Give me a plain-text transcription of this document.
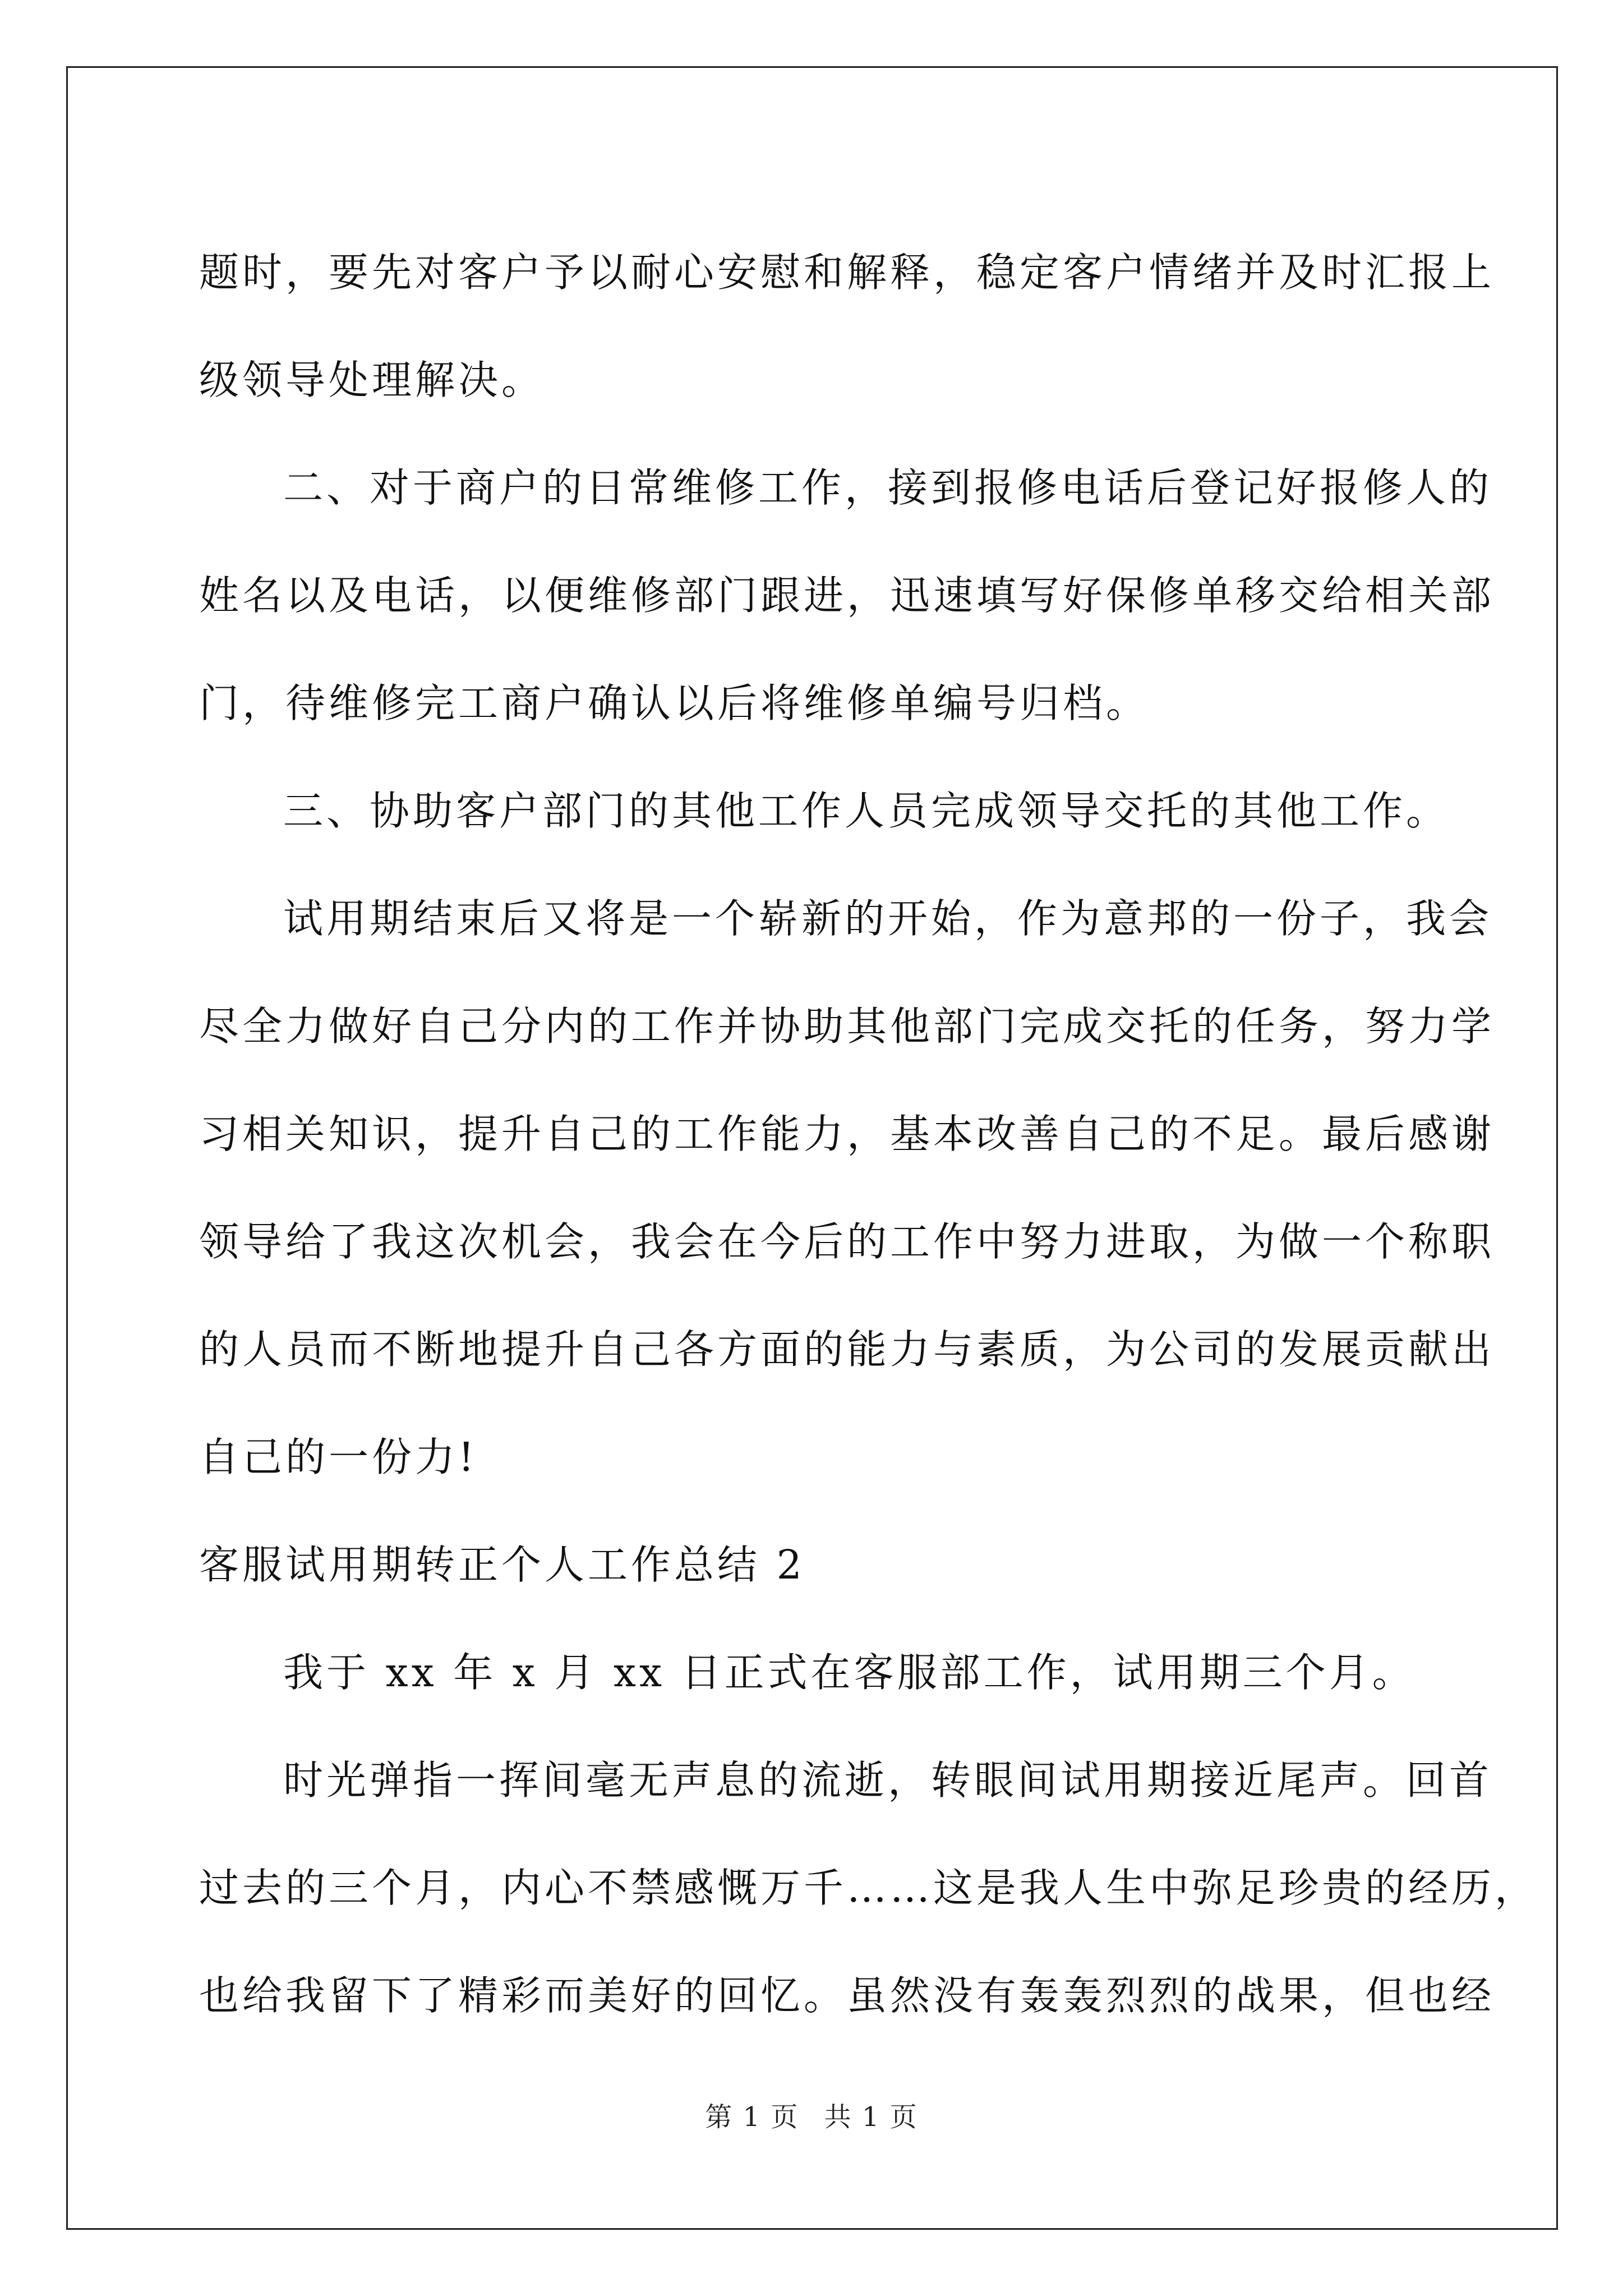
题时，要先对客户予以耐心安慰和解释，稳定客户情绪并及时汇报上
级领导处理解决。
二、对于商户的日常维修工作，接到报修电话后登记好报修人的
姓名以及电话，以便维修部门跟进，迅速填写好保修单移交给相关部
门，待维修完工商户确认以后将维修单编号归档。
三、协助客户部门的其他工作人员完成领导交托的其他工作。
试用期结束后又将是一个崭新的开始，作为意邦的一份子，我会
尽全力做好自己分内的工作并协助其他部门完成交托的任务，努力学
习相关知识，提升自己的工作能力，基本改善自己的不足。最后感谢
领导给了我这次机会，我会在今后的工作中努力进取，为做一个称职
的人员而不断地提升自己各方面的能力与素质，为公司的发展贡献出
自己的一份力!
客服试用期转正个人工作总结 2
我于 xx 年 x 月 xx 日正式在客服部工作，试用期三个月。
时光弹指一挥间毫无声息的流逝，转眼间试用期接近尾声。回首
过去的三个月，内心不禁感慨万千……这是我人生中弥足珍贵的经历，
也给我留下了精彩而美好的回忆。虽然没有轰轰烈烈的战果，但也经
第 1 页 共 1 页
